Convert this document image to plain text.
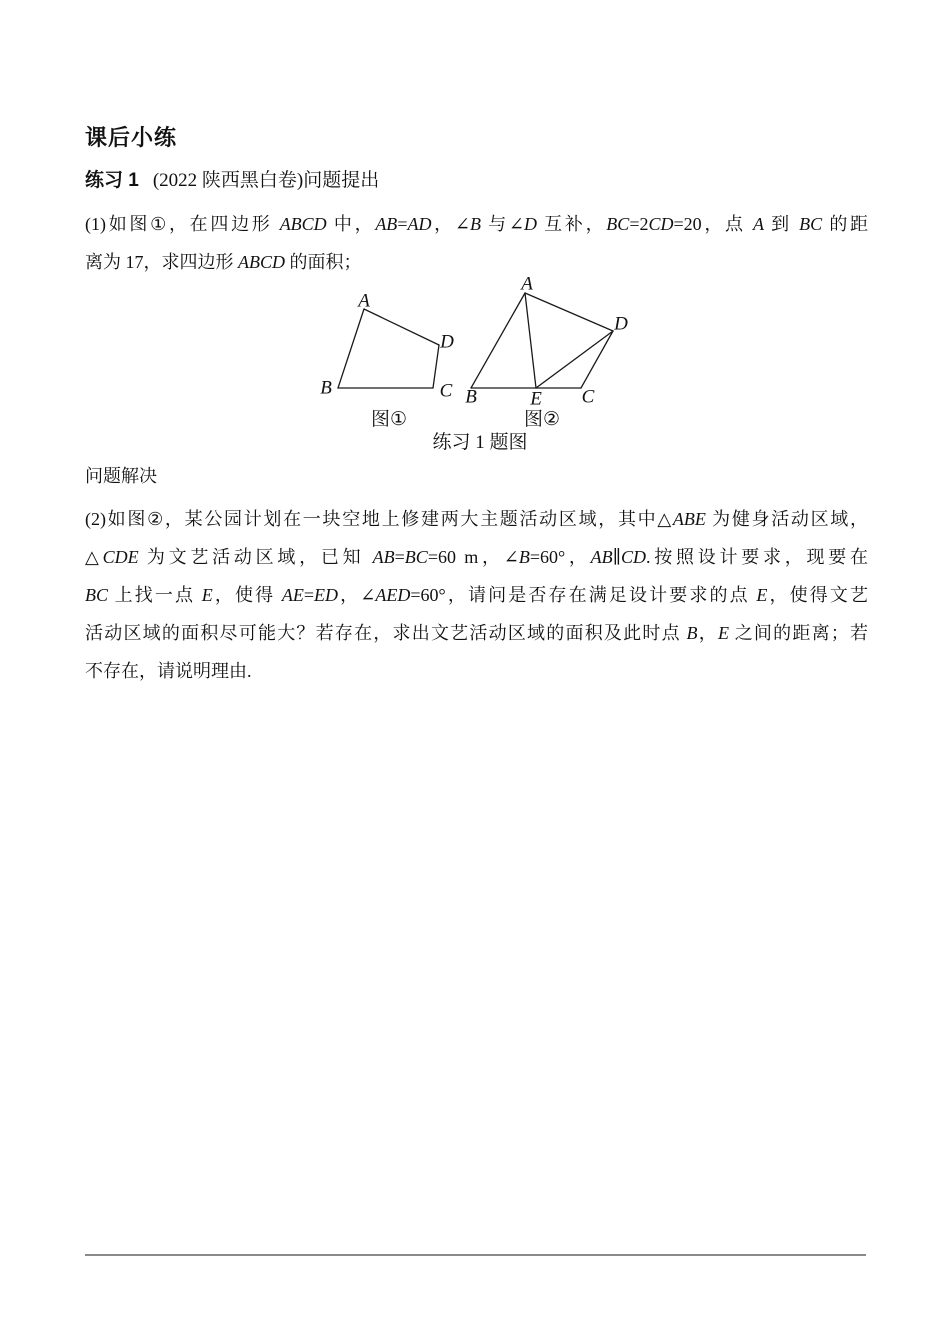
课后小练
练习 1 (2022 陕西黑白卷)问题提出
(1)如图①，在四边形 ABCD 中，AB=AD，∠B 与∠D 互补，BC=2CD=20，点 A 到 BC 的距
离为 17，求四边形 ABCD 的面积；
A
B	C
D
图①
A
B	C
D
E
图②
练习 1 题图
问题解决
(2)如图②，某公园计划在一块空地上修建两大主题活动区域，其中△ABE 为健身活动区域，
△CDE 为文艺活动区域，已知 AB=BC=60 m，∠B=60°，AB∥CD.按照设计要求，现要在
BC 上找一点 E，使得 AE=ED，∠AED=60°，请问是否存在满足设计要求的点 E，使得文艺
活动区域的面积尽可能大？若存在，求出文艺活动区域的面积及此时点 B，E 之间的距离；若
不存在，请说明理由.
